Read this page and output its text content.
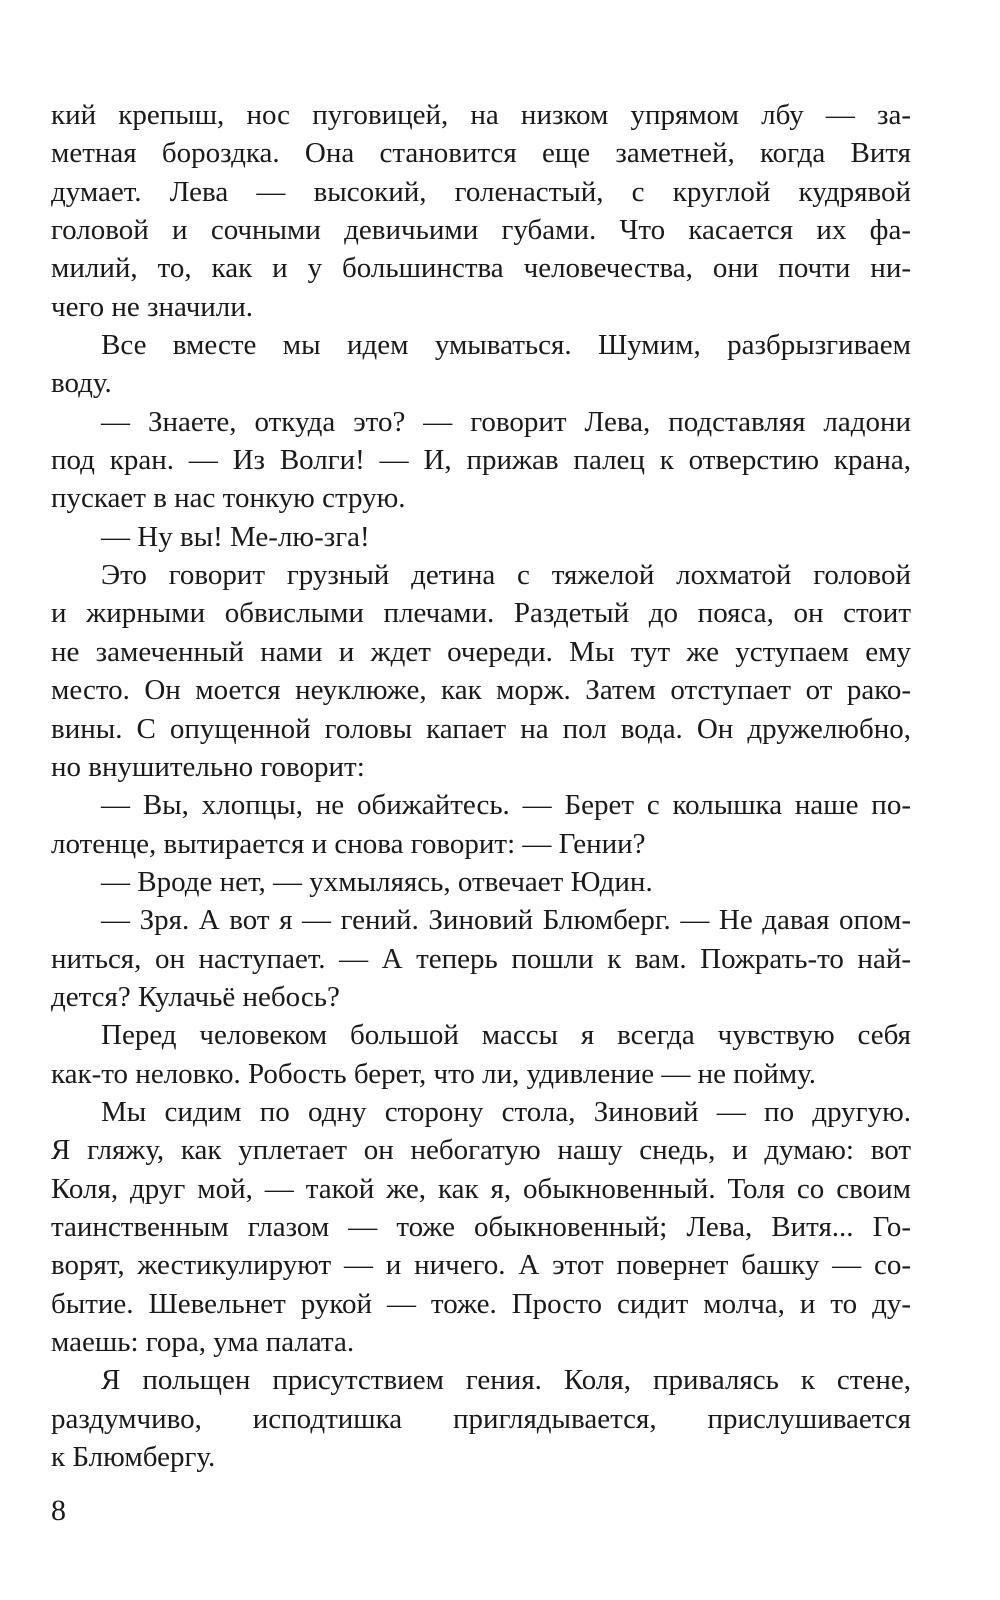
кий крепыш, нос пуговицей, на низком упрямом лбу — за-
метная бороздка. Она становится еще заметней, когда Витя
думает. Лева — высокий, голенастый, с круглой кудрявой
головой и сочными девичьими губами. Что касается их фа-
милий, то, как и у большинства человечества, они почти ни-
чего не значили.
Все вместе мы идем умываться. Шумим, разбрызгиваем
воду.
— Знаете, откуда это? — говорит Лева, подставляя ладони
под кран. — Из Волги! — И, прижав палец к отверстию крана,
пускает в нас тонкую струю.
— Ну вы! Ме-лю-зга!
Это говорит грузный детина с тяжелой лохматой головой
и жирными обвислыми плечами. Раздетый до пояса, он стоит
не замеченный нами и ждет очереди. Мы тут же уступаем ему
место. Он моется неуклюже, как морж. Затем отступает от рако-
вины. С опущенной головы капает на пол вода. Он дружелюбно,
но внушительно говорит:
— Вы, хлопцы, не обижайтесь. — Берет с колышка наше по-
лотенце, вытирается и снова говорит: — Гении?
— Вроде нет, — ухмыляясь, отвечает Юдин.
— Зря. А вот я — гений. Зиновий Блюмберг. — Не давая опом-
ниться, он наступает. — А теперь пошли к вам. Пожрать-то най-
дется? Кулачьё небось?
Перед человеком большой массы я всегда чувствую себя
как-то неловко. Робость берет, что ли, удивление — не пойму.
Мы сидим по одну сторону стола, Зиновий — по другую.
Я гляжу, как уплетает он небогатую нашу снедь, и думаю: вот
Коля, друг мой, — такой же, как я, обыкновенный. Толя со своим
таинственным глазом — тоже обыкновенный; Лева, Витя... Го-
ворят, жестикулируют — и ничего. А этот повернет башку — со-
бытие. Шевельнет рукой — тоже. Просто сидит молча, и то ду-
маешь: гора, ума палата.
Я польщен присутствием гения. Коля, привалясь к стене,
раздумчиво, исподтишка приглядывается, прислушивается
к Блюмбергу.
8
